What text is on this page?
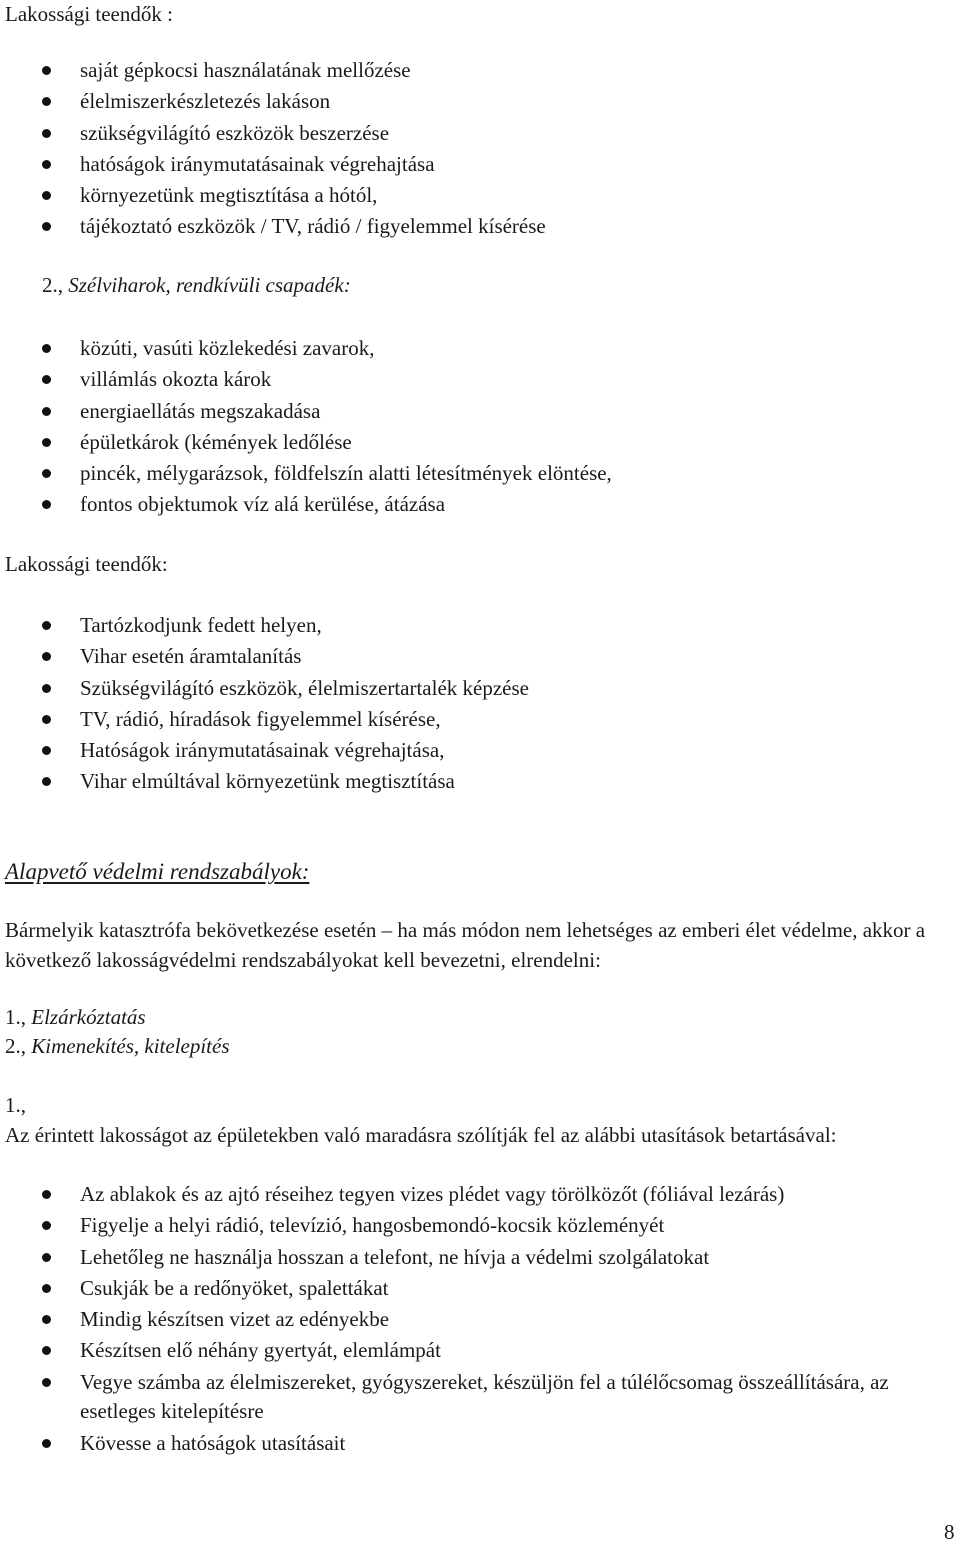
Lakossági teendők :
saját gépkocsi használatának mellőzése
élelmiszerkészletezés lakáson
szükségvilágító eszközök beszerzése
hatóságok iránymutatásainak végrehajtása
környezetünk megtisztítása a hótól,
tájékoztató eszközök / TV, rádió / figyelemmel kísérése
2., Szélviharok, rendkívüli csapadék:
közúti, vasúti közlekedési zavarok,
villámlás okozta károk
energiaellátás megszakadása
épületkárok (kémények ledőlése
pincék, mélygarázsok, földfelszín alatti létesítmények elöntése,
fontos objektumok víz alá kerülése, átázása
Lakossági teendők:
Tartózkodjunk fedett helyen,
Vihar esetén áramtalanítás
Szükségvilágító eszközök, élelmiszertartalék képzése
TV, rádió, híradások figyelemmel kísérése,
Hatóságok iránymutatásainak végrehajtása,
Vihar elmúltával környezetünk megtisztítása
Alapvető védelmi rendszabályok:
Bármelyik katasztrófa bekövetkezése esetén – ha más módon nem lehetséges az emberi élet védelme, akkor a következő lakosságvédelmi rendszabályokat kell bevezetni, elrendelni:
1., Elzárkóztatás
2., Kimenekítés, kitelepítés
1.,
Az érintett lakosságot az épületekben való maradásra szólítják fel az alábbi utasítások betartásával:
Az ablakok és az ajtó réseihez tegyen vizes plédet vagy törölközőt (fóliával lezárás)
Figyelje a helyi rádió, televízió, hangosbemondó-kocsik közleményét
Lehetőleg ne használja hosszan a telefont, ne hívja a védelmi szolgálatokat
Csukják be a redőnyöket, spalettákat
Mindig készítsen vizet az edényekbe
Készítsen elő néhány gyertyát, elemlámpát
Vegye számba az élelmiszereket, gyógyszereket, készüljön fel a túlélőcsomag összeállítására, az esetleges kitelepítésre
Kövesse a hatóságok utasításait
8
